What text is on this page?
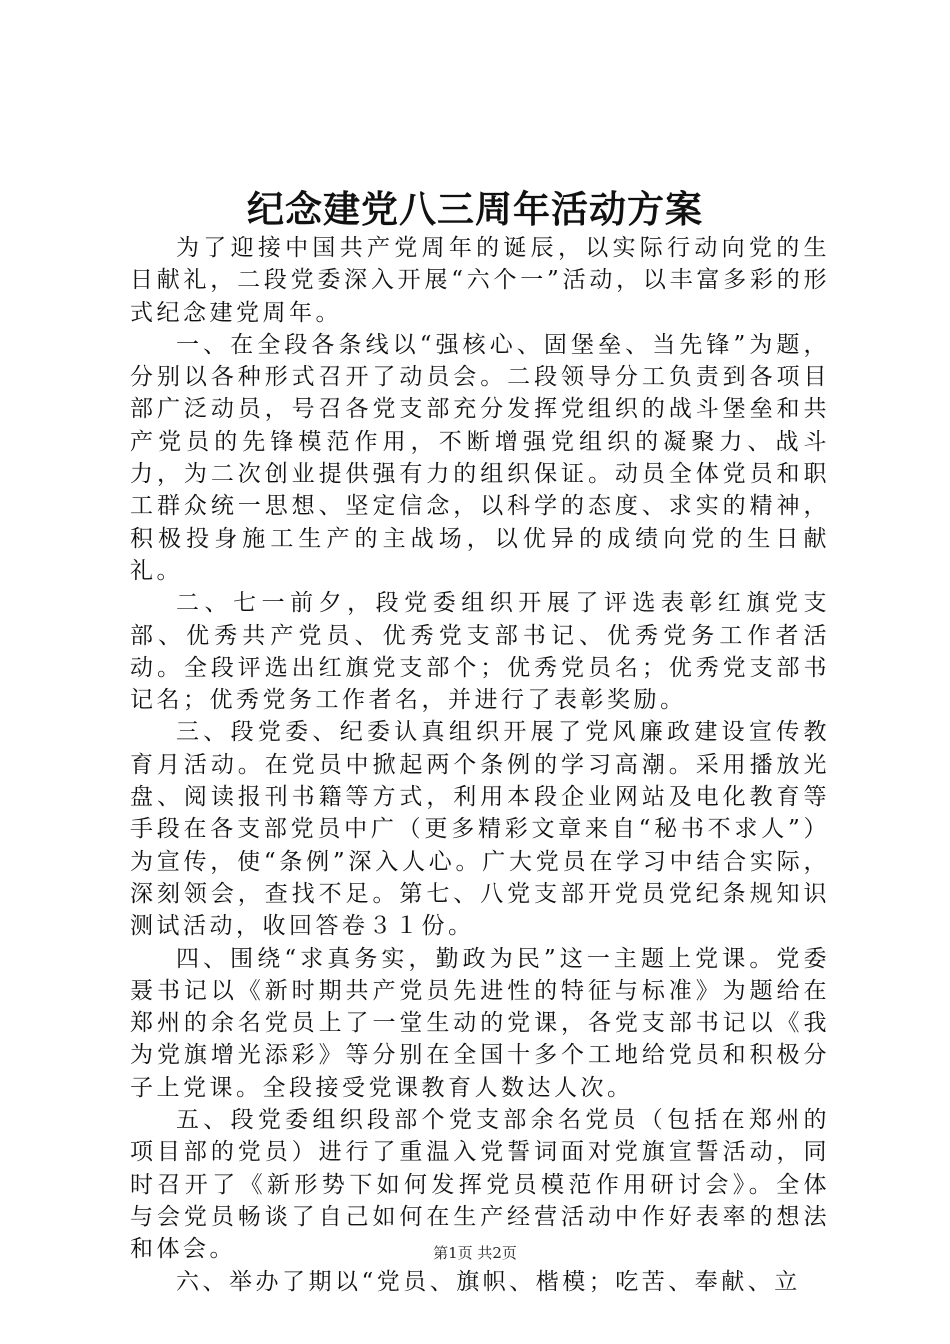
纪念建党八三周年活动方案

为了迎接中国共产党周年的诞辰，以实际行动向党的生日献礼，二段党委深入开展“六个一”活动，以丰富多彩的形式纪念建党周年。

一、在全段各条线以“强核心、固堡垒、当先锋”为题，分别以各种形式召开了动员会。二段领导分工负责到各项目部广泛动员，号召各党支部充分发挥党组织的战斗堡垒和共产党员的先锋模范作用，不断增强党组织的凝聚力、战斗力，为二次创业提供强有力的组织保证。动员全体党员和职工群众统一思想、坚定信念，以科学的态度、求实的精神，积极投身施工生产的主战场，以优异的成绩向党的生日献礼。

二、七一前夕，段党委组织开展了评选表彰红旗党支部、优秀共产党员、优秀党支部书记、优秀党务工作者活动。全段评选出红旗党支部个；优秀党员名；优秀党支部书记名；优秀党务工作者名，并进行了表彰奖励。

三、段党委、纪委认真组织开展了党风廉政建设宣传教育月活动。在党员中掀起两个条例的学习高潮。采用播放光盘、阅读报刊书籍等方式，利用本段企业网站及电化教育等手段在各支部党员中广（更多精彩文章来自“秘书不求人”）为宣传，使“条例”深入人心。广大党员在学习中结合实际，深刻领会，查找不足。第七、八党支部开党员党纪条规知识测试活动，收回答卷３１份。

四、围绕“求真务实，勤政为民”这一主题上党课。党委聂书记以《新时期共产党员先进性的特征与标准》为题给在郑州的余名党员上了一堂生动的党课，各党支部书记以《我为党旗增光添彩》等分别在全国十多个工地给党员和积极分子上党课。全段接受党课教育人数达人次。

五、段党委组织段部个党支部余名党员（包括在郑州的项目部的党员）进行了重温入党誓词面对党旗宣誓活动，同时召开了《新形势下如何发挥党员模范作用研讨会》。全体与会党员畅谈了自己如何在生产经营活动中作好表率的想法和体会。

六、举办了期以“党员、旗帜、楷模；吃苦、奉献、立

第1页 共2页
